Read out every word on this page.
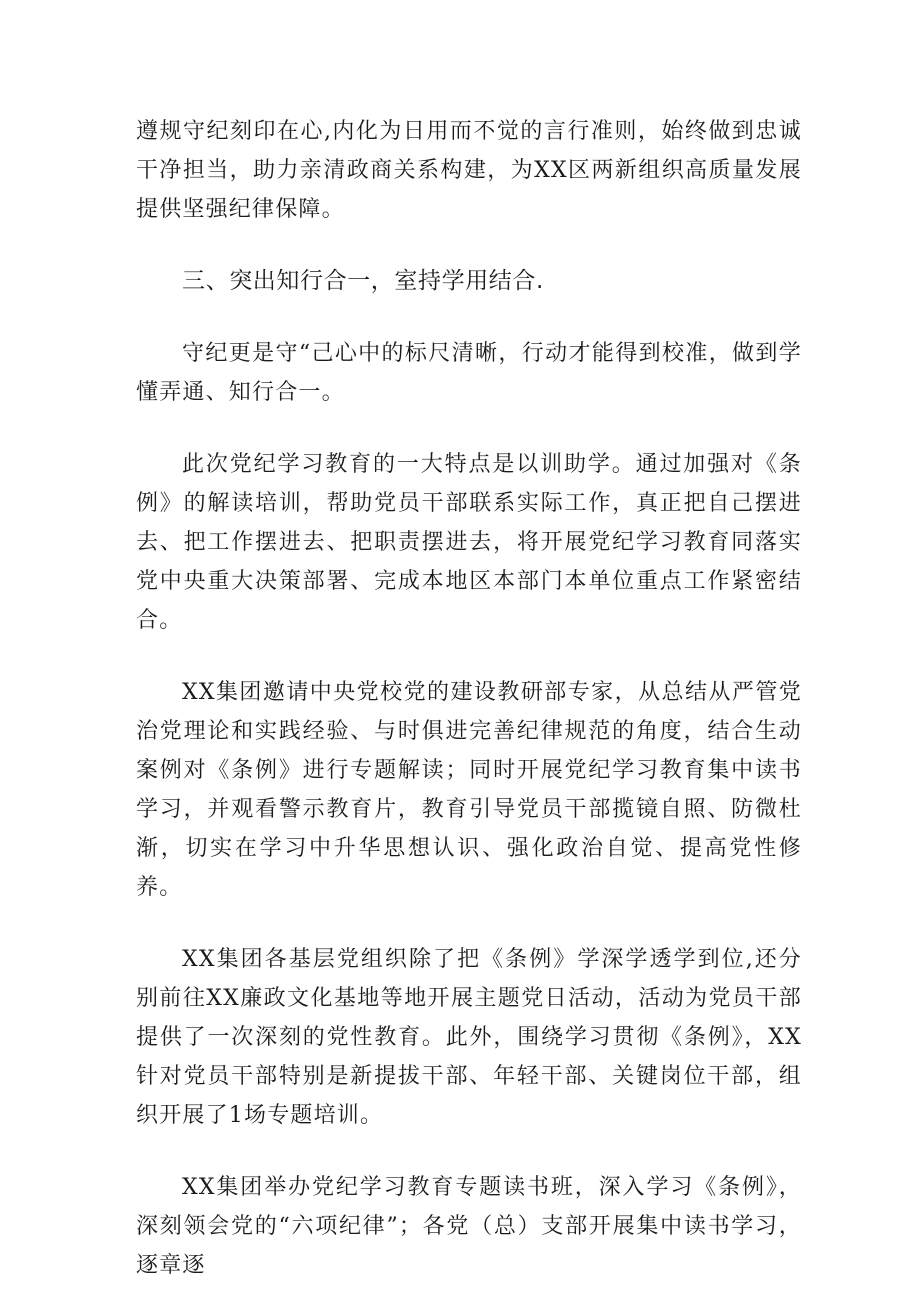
遵规守纪刻印在心,内化为日用而不觉的言行准则，始终做到忠诚干净担当，助力亲清政商关系构建，为XX区两新组织高质量发展提供坚强纪律保障。

三、突出知行合一，室持学用结合.

守纪更是守“己心中的标尺清晰，行动才能得到校准，做到学懂弄通、知行合一。

此次党纪学习教育的一大特点是以训助学。通过加强对《条例》的解读培训，帮助党员干部联系实际工作，真正把自己摆进去、把工作摆进去、把职责摆进去，将开展党纪学习教育同落实党中央重大决策部署、完成本地区本部门本单位重点工作紧密结合。

XX集团邀请中央党校党的建设教研部专家，从总结从严管党治党理论和实践经验、与时俱进完善纪律规范的角度，结合生动案例对《条例》进行专题解读；同时开展党纪学习教育集中读书学习，并观看警示教育片，教育引导党员干部揽镜自照、防微杜渐，切实在学习中升华思想认识、强化政治自觉、提高党性修养。

XX集团各基层党组织除了把《条例》学深学透学到位,还分别前往XX廉政文化基地等地开展主题党日活动，活动为党员干部提供了一次深刻的党性教育。此外，围绕学习贯彻《条例》，XX针对党员干部特别是新提拔干部、年轻干部、关键岗位干部，组织开展了1场专题培训。

XX集团举办党纪学习教育专题读书班，深入学习《条例》，深刻领会党的“六项纪律”；各党（总）支部开展集中读书学习，逐章逐
